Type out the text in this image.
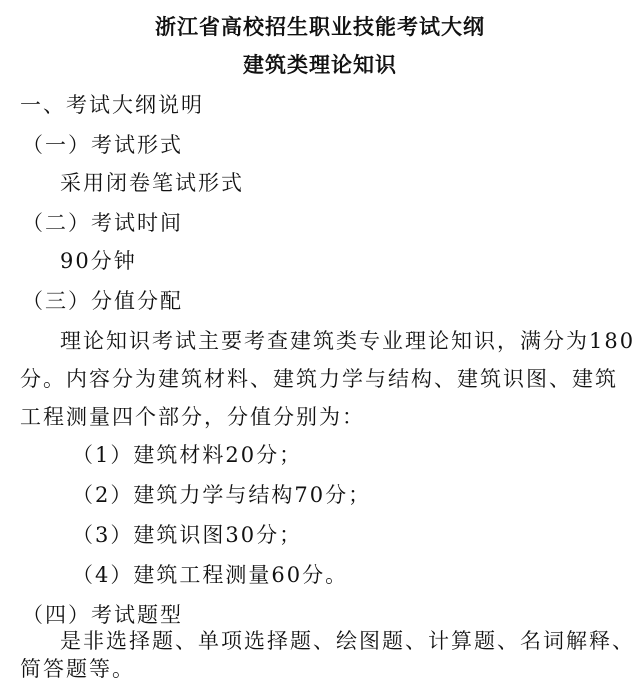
浙江省高校招生职业技能考试大纲
建筑类理论知识
一、考试大纲说明
（一）考试形式
采用闭卷笔试形式
（二）考试时间
90分钟
（三）分值分配
理论知识考试主要考查建筑类专业理论知识，满分为180
分。内容分为建筑材料、建筑力学与结构、建筑识图、建筑
工程测量四个部分，分值分别为：
（1）建筑材料20分；
（2）建筑力学与结构70分；
（3）建筑识图30分；
（4）建筑工程测量60分。
（四）考试题型
是非选择题、单项选择题、绘图题、计算题、名词解释、
简答题等。
